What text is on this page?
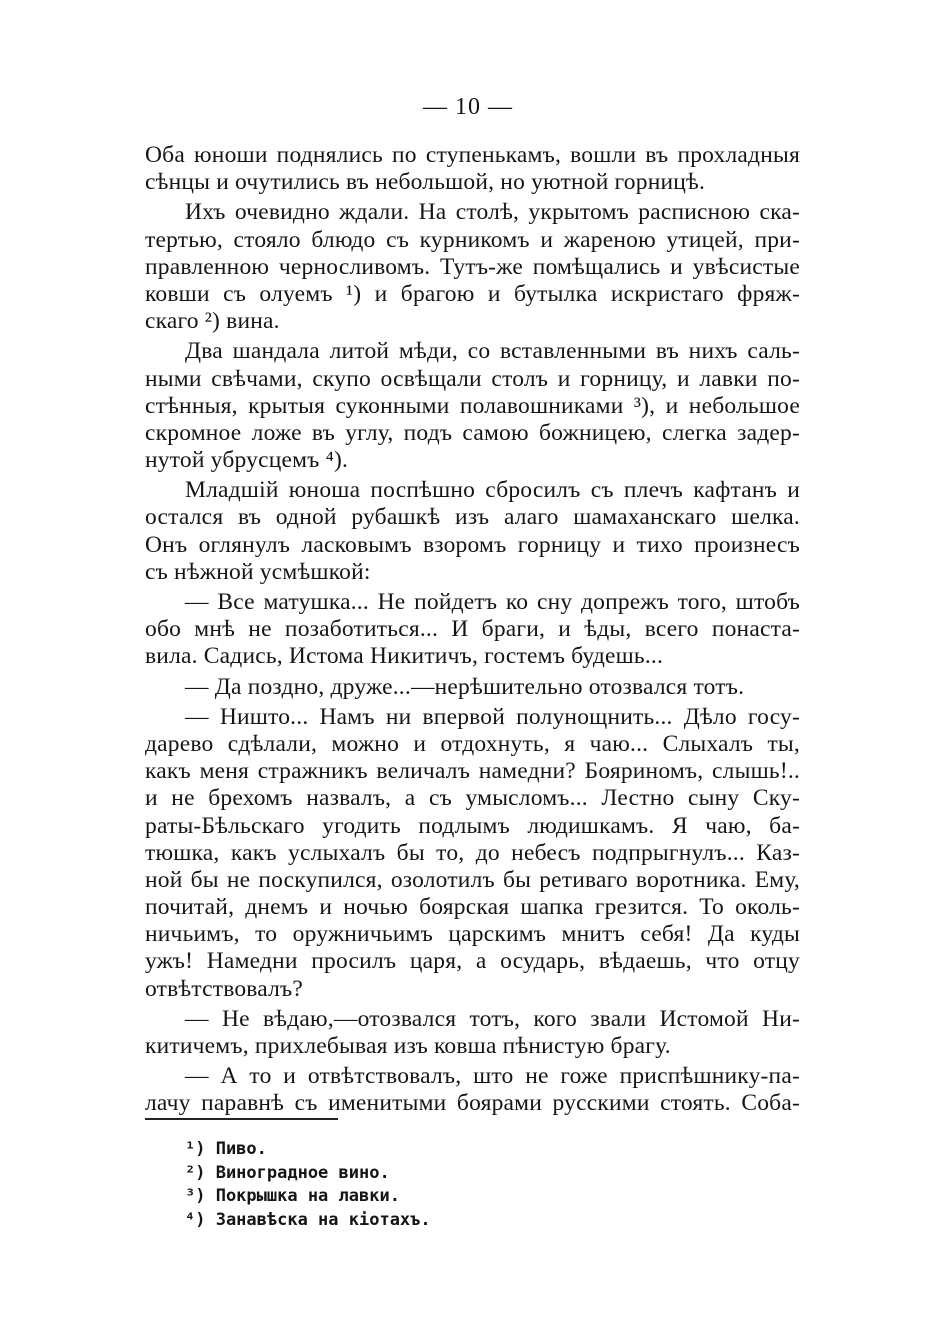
— 10 —
Оба юноши поднялись по ступенькамъ, вошли въ прохладныя
сѣнцы и очутились въ небольшой, но уютной горницѣ.
Ихъ очевидно ждали. На столѣ, укрытомъ расписною ска-
тертью, стояло блюдо съ курникомъ и жареною утицей, при-
правленною черносливомъ. Тутъ-же помѣщались и увѣсистые
ковши съ олуемъ ¹) и брагою и бутылка искристаго фряж-
скаго ²) вина.
Два шандала литой мѣди, со вставленными въ нихъ саль-
ными свѣчами, скупо освѣщали столъ и горницу, и лавки по-
стѣнныя, крытыя суконными полавошниками ³), и небольшое
скромное ложе въ углу, подъ самою божницею, слегка задер-
нутой убрусцемъ ⁴).
Младшій юноша поспѣшно сбросилъ съ плечъ кафтанъ и
остался въ одной рубашкѣ изъ алаго шамаханскаго шелка.
Онъ оглянулъ ласковымъ взоромъ горницу и тихо произнесъ
съ нѣжной усмѣшкой:
— Все матушка... Не пойдетъ ко сну допрежъ того, штобъ
обо мнѣ не позаботиться... И браги, и ѣды, всего понаста-
вила. Садись, Истома Никитичъ, гостемъ будешь...
— Да поздно, друже...—нерѣшительно отозвался тотъ.
— Ништо... Намъ ни впервой полунощнить... Дѣло госу-
дарево сдѣлали, можно и отдохнуть, я чаю... Слыхалъ ты,
какъ меня стражникъ величалъ намедни? Бояриномъ, слышь!..
и не брехомъ назвалъ, а съ умысломъ... Лестно сыну Ску-
раты-Бѣльскаго угодить подлымъ людишкамъ. Я чаю, ба-
тюшка, какъ услыхалъ бы то, до небесъ подпрыгнулъ... Каз-
ной бы не поскупился, озолотилъ бы ретиваго воротника. Ему,
почитай, днемъ и ночью боярская шапка грезится. То околь-
ничьимъ, то оружничьимъ царскимъ мнитъ себя! Да куды
ужъ! Намедни просилъ царя, а осударь, вѣдаешь, что отцу
отвѣтствовалъ?
— Не вѣдаю,—отозвался тотъ, кого звали Истомой Ни-
китичемъ, прихлебывая изъ ковша пѣнистую брагу.
— А то и отвѣтствовалъ, што не гоже приспѣшнику-па-
лачу паравнѣ съ именитыми боярами русскими стоять. Соба-
¹) Пиво.
²) Виноградное вино.
³) Покрышка на лавки.
⁴) Занавѣска на кіотахъ.
